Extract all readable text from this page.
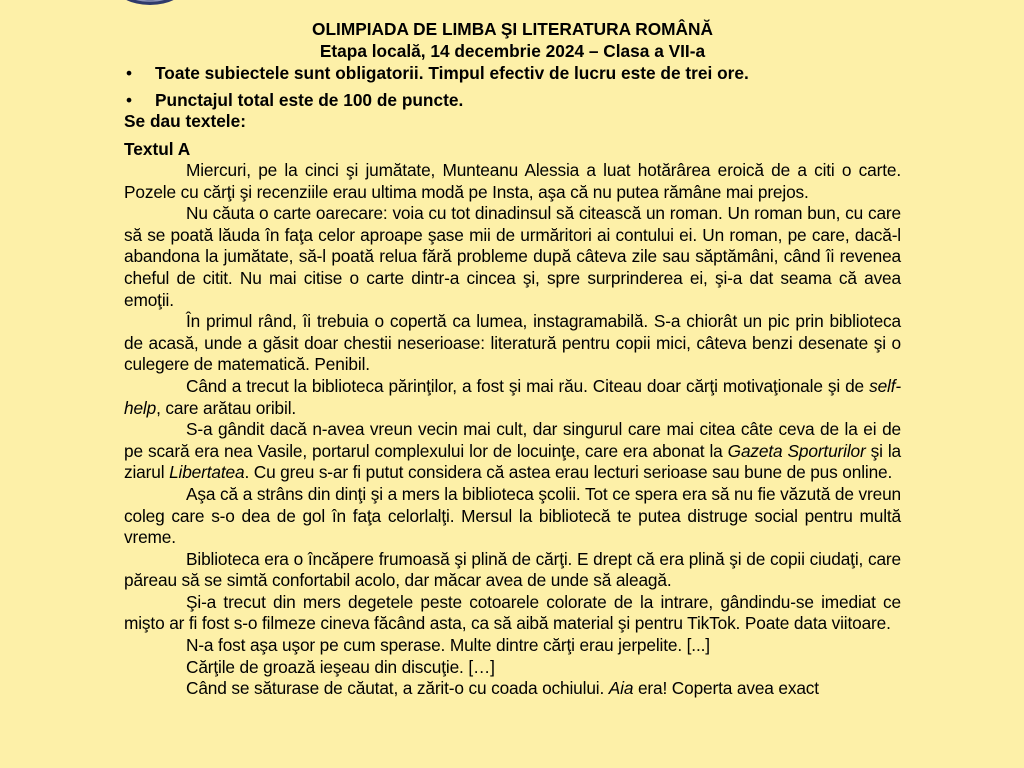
OLIMPIADA DE LIMBA ŞI LITERATURA ROMÂNĂ
Etapa locală, 14 decembrie 2024 – Clasa a VII-a
• Toate subiectele sunt obligatorii. Timpul efectiv de lucru este de trei ore.
• Punctajul total este de 100 de puncte.
Se dau textele:
Textul A

Miercuri, pe la cinci şi jumătate, Munteanu Alessia a luat hotărârea eroică de a citi o carte. Pozele cu cărţi şi recenziile erau ultima modă pe Insta, aşa că nu putea rămâne mai prejos.

Nu căuta o carte oarecare: voia cu tot dinadinsul să citească un roman. Un roman bun, cu care să se poată lăuda în faţa celor aproape şase mii de urmăritori ai contului ei. Un roman, pe care, dacă-l abandona la jumătate, să-l poată relua fără probleme după câteva zile sau săptămâni, când îi revenea cheful de citit. Nu mai citise o carte dintr-a cincea şi, spre surprinderea ei, şi-a dat seama că avea emoţii.

În primul rând, îi trebuia o copertă ca lumea, instagramabilă. S-a chiorât un pic prin biblioteca de acasă, unde a găsit doar chestii neserioase: literatură pentru copii mici, câteva benzi desenate şi o culegere de matematică. Penibil.

Când a trecut la biblioteca părinţilor, a fost şi mai rău. Citeau doar cărţi motivaţionale şi de self-help, care arătau oribil.

S-a gândit dacă n-avea vreun vecin mai cult, dar singurul care mai citea câte ceva de la ei de pe scară era nea Vasile, portarul complexului lor de locuinţe, care era abonat la Gazeta Sporturilor şi la ziarul Libertatea. Cu greu s-ar fi putut considera că astea erau lecturi serioase sau bune de pus online.

Aşa că a strâns din dinţi şi a mers la biblioteca şcolii. Tot ce spera era să nu fie văzută de vreun coleg care s-o dea de gol în faţa celorlalţi. Mersul la bibliotecă te putea distruge social pentru multă vreme.

Biblioteca era o încăpere frumoasă şi plină de cărţi. E drept că era plină şi de copii ciudaţi, care păreau să se simtă confortabil acolo, dar măcar avea de unde să aleagă.

Şi-a trecut din mers degetele peste cotoarele colorate de la intrare, gândindu-se imediat ce mişto ar fi fost s-o filmeze cineva făcând asta, ca să aibă material şi pentru TikTok. Poate data viitoare.

N-a fost aşa uşor pe cum sperase. Multe dintre cărţi erau jerpelite. [...]

Cărţile de groază ieşeau din discuţie. […]

Când se săturase de căutat, a zărit-o cu coada ochiului. Aia era! Coperta avea exact
